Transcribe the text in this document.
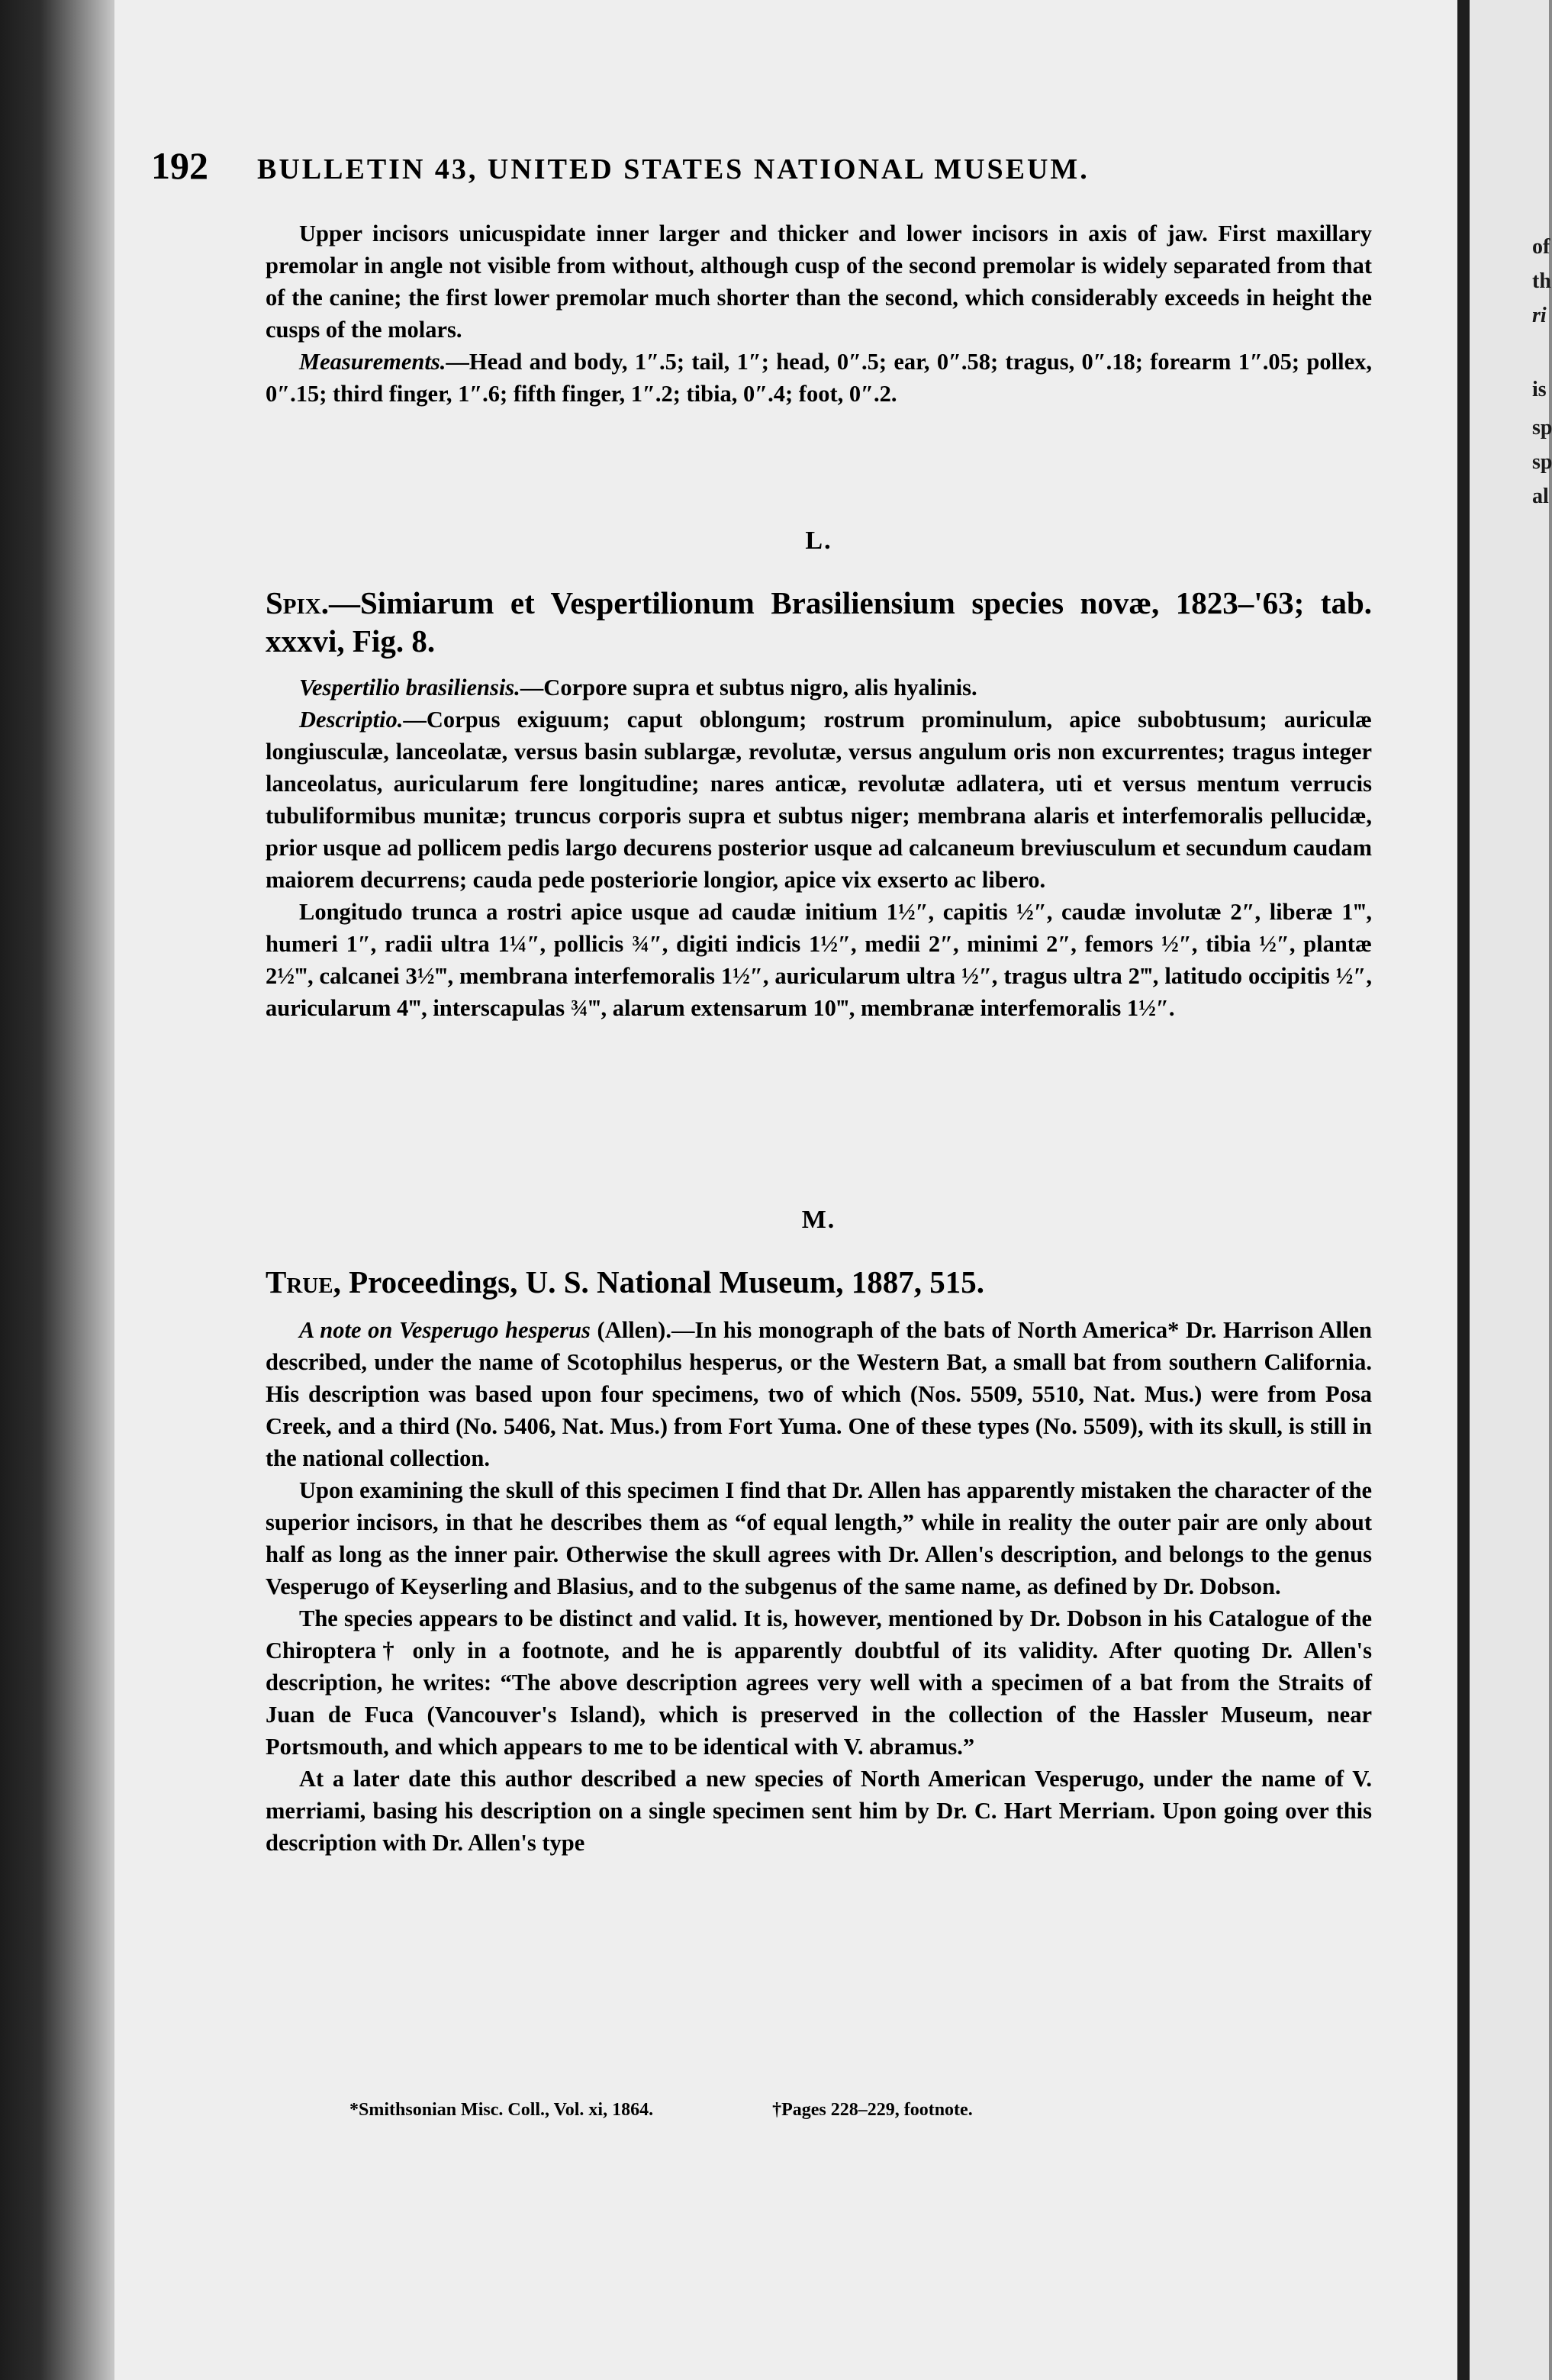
192 BULLETIN 43, UNITED STATES NATIONAL MUSEUM.

Upper incisors unicuspidate inner larger and thicker and lower incisors in axis of jaw. First maxillary premolar in angle not visible from without, although cusp of the second premolar is widely separated from that of the canine; the first lower premolar much shorter than the second, which considerably exceeds in height the cusps of the molars.

Measurements.—Head and body, 1″.5; tail, 1″; head, 0″.5; ear, 0″.58; tragus, 0″.18; forearm 1″.05; pollex, 0″.15; third finger, 1″.6; fifth finger, 1″.2; tibia, 0″.4; foot, 0″.2.

L.

Spix.—Simiarum et Vespertilionum Brasiliensium species novæ, 1823–'63; tab. xxxvi, Fig. 8.

Vespertilio brasiliensis.—Corpore supra et subtus nigro, alis hyalinis.

Descriptio.—Corpus exiguum; caput oblongum; rostrum prominulum, apice subobtusum; auriculæ longiusculæ, lanceolatæ, versus basin sublargæ, revolutæ, versus angulum oris non excurrentes; tragus integer lanceolatus, auricularum fere longitudine; nares anticæ, revolutæ adlatera, uti et versus mentum verrucis tubuliformibus munitæ; truncus corporis supra et subtus niger; membrana alaris et interfemoralis pellucidæ, prior usque ad pollicem pedis largo decurens posterior usque ad calcaneum breviusculum et secundum caudam maiorem decurrens; cauda pede posteriorie longior, apice vix exserto ac libero.

Longitudo trunca a rostri apice usque ad caudæ initium 1½″, capitis ½″, caudæ involutæ 2″, liberæ 1‴, humeri 1″, radii ultra 1¼″, pollicis ¾″, digiti indicis 1½″, medii 2″, minimi 2″, femors ½″, tibia ½″, plantæ 2½‴, calcanei 3½‴, membrana interfemoralis 1½″, auricularum ultra ½″, tragus ultra 2‴, latitudo occipitis ½″, auricularum 4‴, interscapulas ¾‴, alarum extensarum 10‴, membranæ interfemoralis 1½″.

M.

True, Proceedings, U. S. National Museum, 1887, 515.

A note on Vesperugo hesperus (Allen).—In his monograph of the bats of North America* Dr. Harrison Allen described, under the name of Scotophilus hesperus, or the Western Bat, a small bat from southern California. His description was based upon four specimens, two of which (Nos. 5509, 5510, Nat. Mus.) were from Posa Creek, and a third (No. 5406, Nat. Mus.) from Fort Yuma. One of these types (No. 5509), with its skull, is still in the national collection.

Upon examining the skull of this specimen I find that Dr. Allen has apparently mistaken the character of the superior incisors, in that he describes them as “of equal length,” while in reality the outer pair are only about half as long as the inner pair. Otherwise the skull agrees with Dr. Allen's description, and belongs to the genus Vesperugo of Keyserling and Blasius, and to the subgenus of the same name, as defined by Dr. Dobson.

The species appears to be distinct and valid. It is, however, mentioned by Dr. Dobson in his Catalogue of the Chiroptera† only in a footnote, and he is apparently doubtful of its validity. After quoting Dr. Allen's description, he writes: “The above description agrees very well with a specimen of a bat from the Straits of Juan de Fuca (Vancouver's Island), which is preserved in the collection of the Hassler Museum, near Portsmouth, and which appears to me to be identical with V. abramus.”

At a later date this author described a new species of North American Vesperugo, under the name of V. merriami, basing his description on a single specimen sent him by Dr. C. Hart Merriam. Upon going over this description with Dr. Allen's type

*Smithsonian Misc. Coll., Vol. xi, 1864.	†Pages 228–229, footnote.
of
th
ri
is
sp
sp
al
